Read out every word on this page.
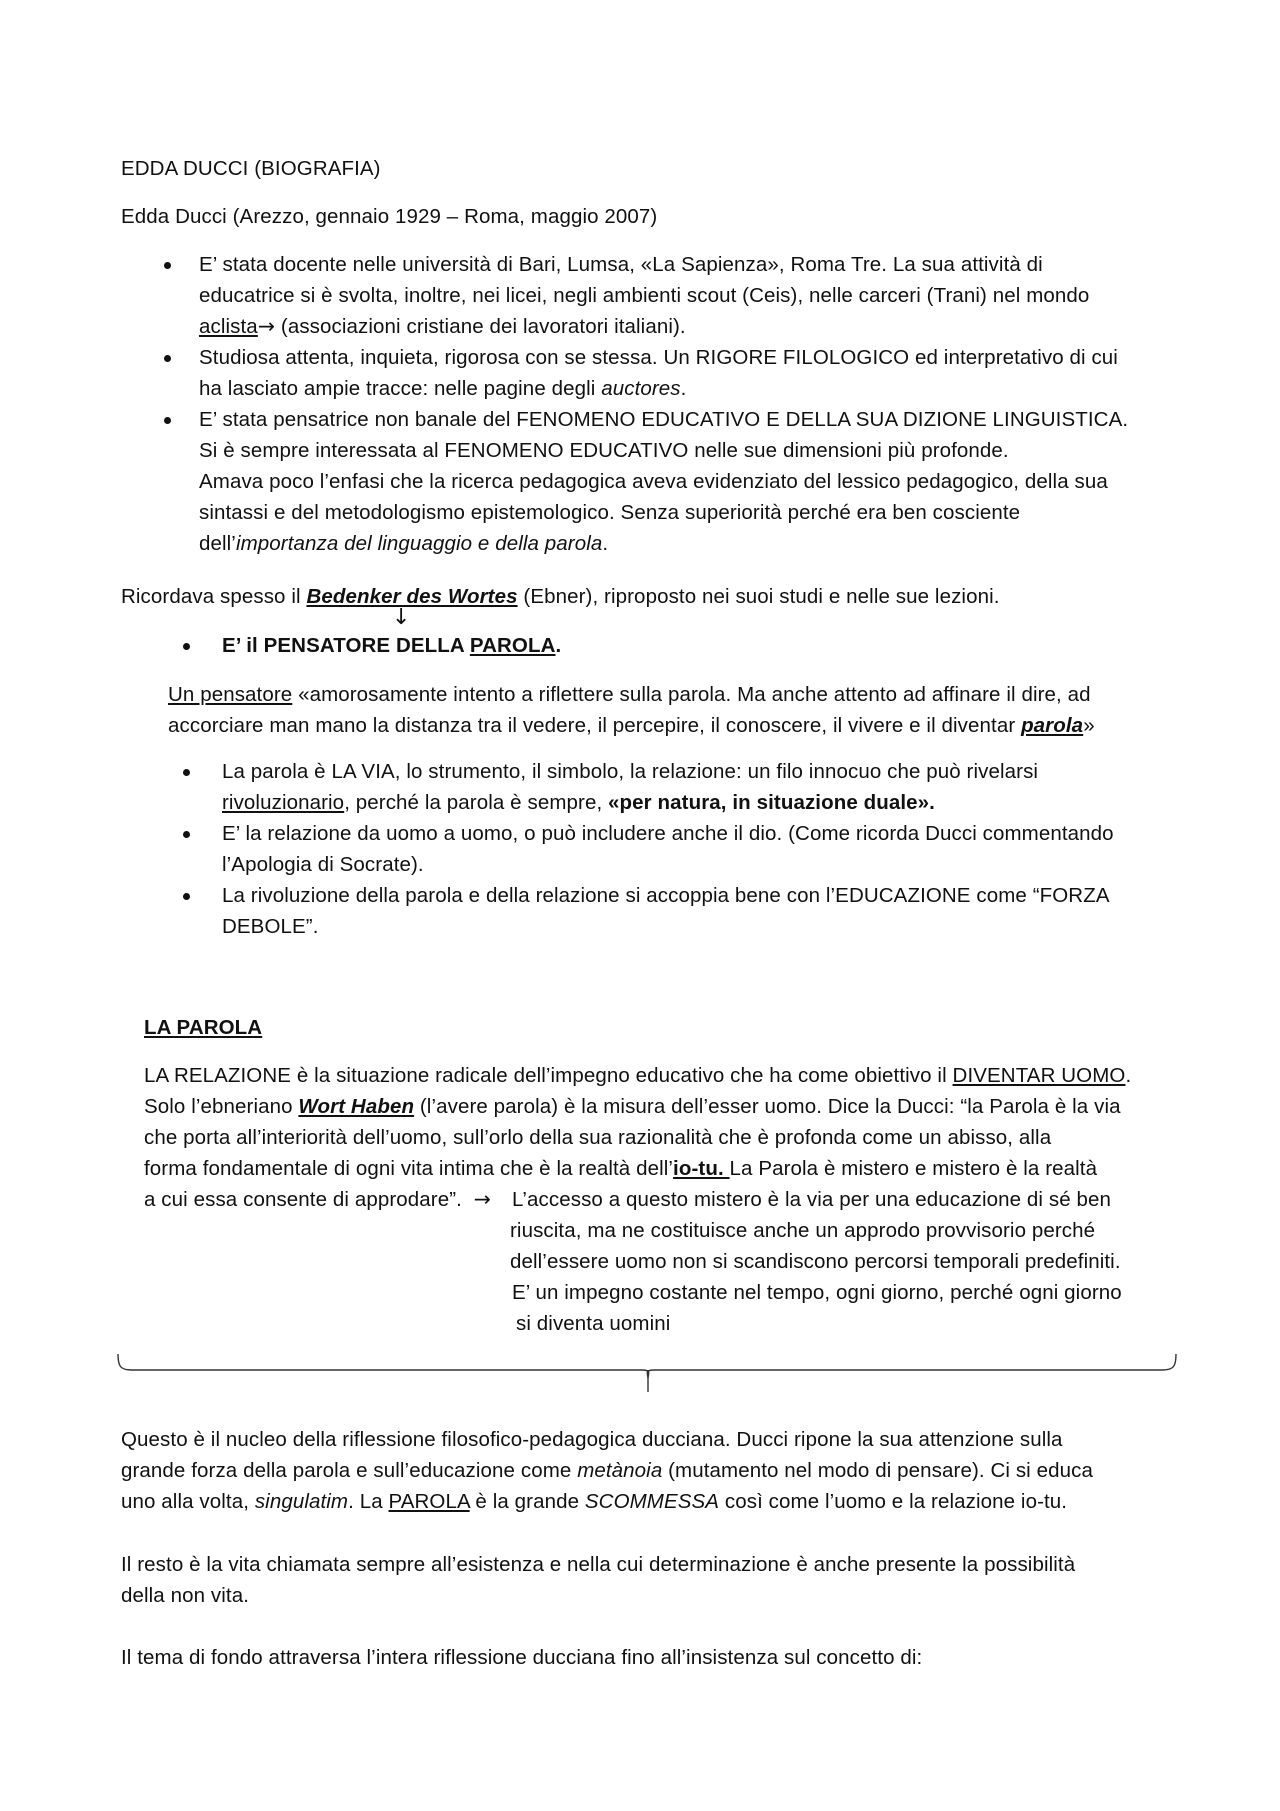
EDDA DUCCI (BIOGRAFIA)

Edda Ducci (Arezzo, gennaio 1929 – Roma, maggio 2007)

E’ stata docente nelle università di Bari, Lumsa, «La Sapienza», Roma Tre. La sua attività di
educatrice si è svolta, inoltre, nei licei, negli ambienti scout (Ceis), nelle carceri (Trani) nel mondo
aclista→ (associazioni cristiane dei lavoratori italiani).
Studiosa attenta, inquieta, rigorosa con se stessa. Un RIGORE FILOLOGICO ed interpretativo di cui
ha lasciato ampie tracce: nelle pagine degli auctores.
E’ stata pensatrice non banale del FENOMENO EDUCATIVO E DELLA SUA DIZIONE LINGUISTICA.
Si è sempre interessata al FENOMENO EDUCATIVO nelle sue dimensioni più profonde.
Amava poco l’enfasi che la ricerca pedagogica aveva evidenziato del lessico pedagogico, della sua
sintassi e del metodologismo epistemologico. Senza superiorità perché era ben cosciente
dell’importanza del linguaggio e della parola.

Ricordava spesso il Bedenker des Wortes (Ebner), riproposto nei suoi studi e nelle sue lezioni.

↓
E’ il PENSATORE DELLA PAROLA.

Un pensatore «amorosamente intento a riflettere sulla parola. Ma anche attento ad affinare il dire, ad
accorciare man mano la distanza tra il vedere, il percepire, il conoscere, il vivere e il diventar parola»

La parola è LA VIA, lo strumento, il simbolo, la relazione: un filo innocuo che può rivelarsi
rivoluzionario, perché la parola è sempre, «per natura, in situazione duale».
E’ la relazione da uomo a uomo, o può includere anche il dio. (Come ricorda Ducci commentando
l’Apologia di Socrate).
La rivoluzione della parola e della relazione si accoppia bene con l’EDUCAZIONE come “FORZA
DEBOLE”.

LA PAROLA

LA RELAZIONE è la situazione radicale dell’impegno educativo che ha come obiettivo il DIVENTAR UOMO.
Solo l’ebneriano Wort Haben (l’avere parola) è la misura dell’esser uomo. Dice la Ducci: “la Parola è la via
che porta all’interiorità dell’uomo, sull’orlo della sua razionalità che è profonda come un abisso, alla
forma fondamentale di ogni vita intima che è la realtà dell’io-tu. La Parola è mistero e mistero è la realtà
a cui essa consente di approdare”. →	L’accesso a questo mistero è la via per una educazione di sé ben

riuscita, ma ne costituisce anche un approdo provvisorio perché

dell’essere uomo non si scandiscono percorsi temporali predefiniti.

E’ un impegno costante nel tempo, ogni giorno, perché ogni giorno

si diventa uomini

Questo è il nucleo della riflessione filosofico-pedagogica ducciana. Ducci ripone la sua attenzione sulla
grande forza della parola e sull’educazione come metànoia (mutamento nel modo di pensare). Ci si educa
uno alla volta, singulatim. La PAROLA è la grande SCOMMESSA così come l’uomo e la relazione io-tu.

Il resto è la vita chiamata sempre all’esistenza e nella cui determinazione è anche presente la possibilità
della non vita.

Il tema di fondo attraversa l’intera riflessione ducciana fino all’insistenza sul concetto di:
